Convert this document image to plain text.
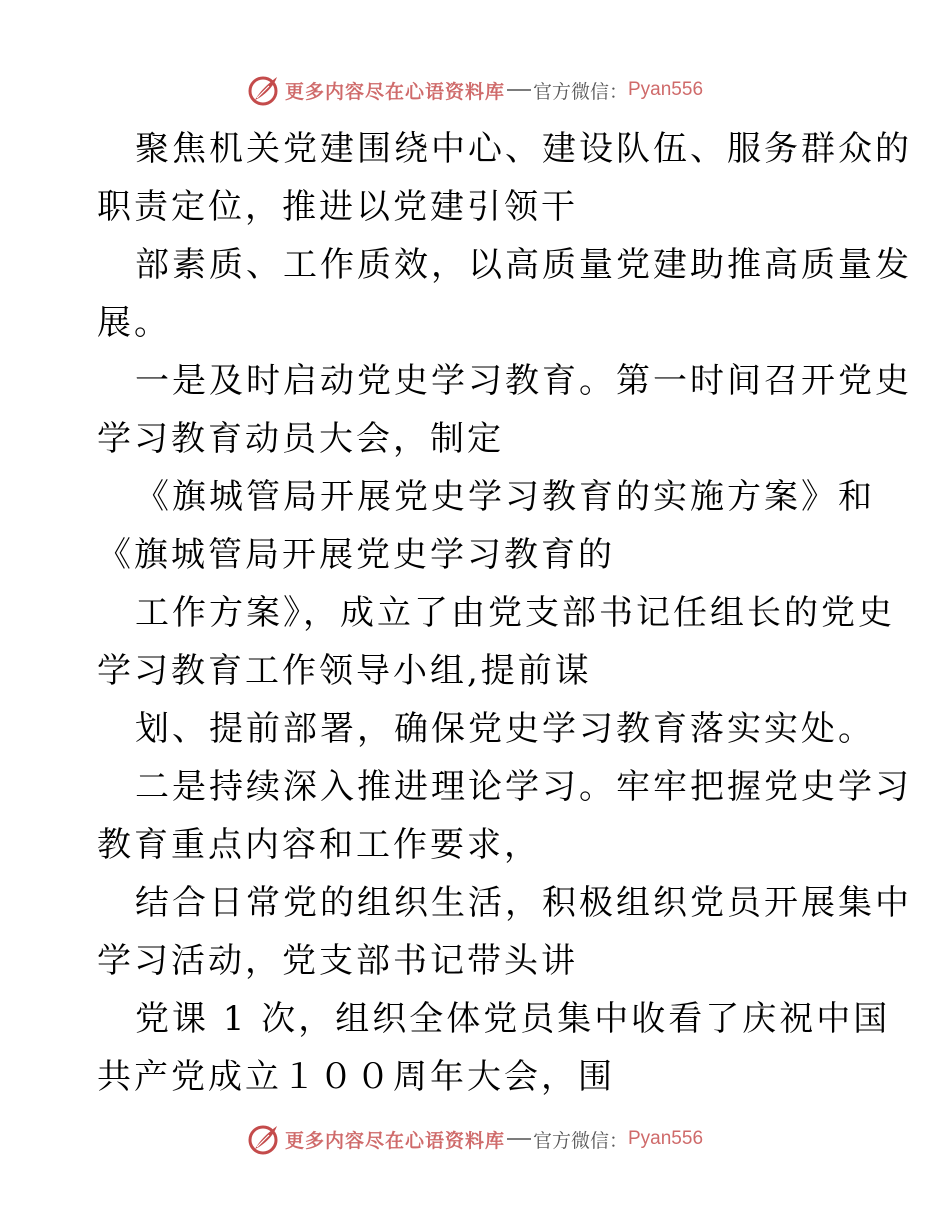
更多内容尽在心语资料库 官方微信： Pyan556
聚焦机关党建围绕中心、建设队伍、服务群众的
职责定位，推进以党建引领干
部素质、工作质效，以高质量党建助推高质量发
展。
一是及时启动党史学习教育。第一时间召开党史
学习教育动员大会，制定
《旗城管局开展党史学习教育的实施方案》和
《旗城管局开展党史学习教育的
工作方案》，成立了由党支部书记任组长的党史
学习教育工作领导小组,提前谋
划、提前部署，确保党史学习教育落实实处。
二是持续深入推进理论学习。牢牢把握党史学习
教育重点内容和工作要求，
结合日常党的组织生活，积极组织党员开展集中
学习活动，党支部书记带头讲
党课 1 次，组织全体党员集中收看了庆祝中国
共产党成立１００周年大会，围
更多内容尽在心语资料库 官方微信： Pyan556
